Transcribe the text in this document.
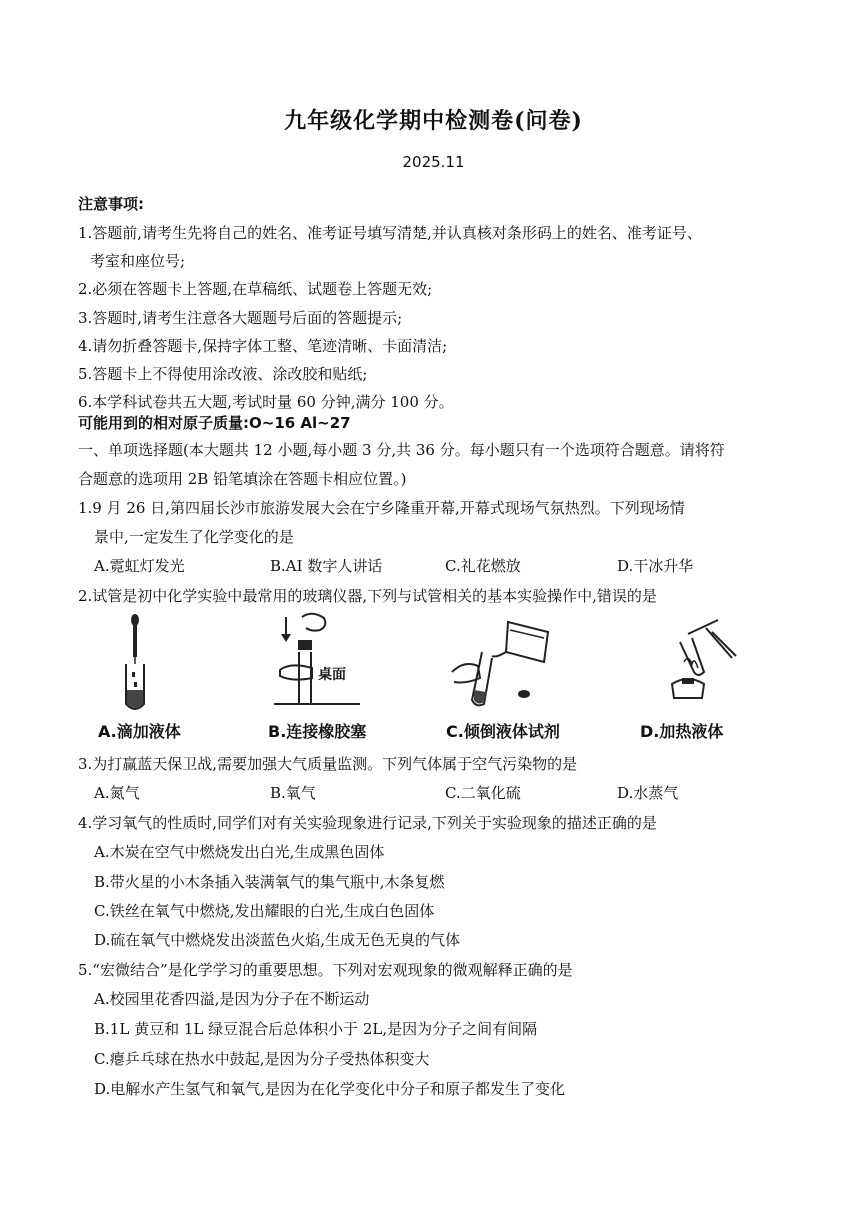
九年级化学期中检测卷(问卷)
2025.11
注意事项:
1.答题前,请考生先将自己的姓名、准考证号填写清楚,并认真核对条形码上的姓名、准考证号、
考室和座位号;
2.必须在答题卡上答题,在草稿纸、试题卷上答题无效;
3.答题时,请考生注意各大题题号后面的答题提示;
4.请勿折叠答题卡,保持字体工整、笔迹清晰、卡面清洁;
5.答题卡上不得使用涂改液、涂改胶和贴纸;
6.本学科试卷共五大题,考试时量 60 分钟,满分 100 分。
可能用到的相对原子质量:O~16 Al~27
一、单项选择题(本大题共 12 小题,每小题 3 分,共 36 分。每小题只有一个选项符合题意。请将符
合题意的选项用 2B 铅笔填涂在答题卡相应位置。)
1.9 月 26 日,第四届长沙市旅游发展大会在宁乡隆重开幕,开幕式现场气氛热烈。下列现场情
景中,一定发生了化学变化的是
A.霓虹灯发光	B.AI 数字人讲话	C.礼花燃放	D.干冰升华
2.试管是初中化学实验中最常用的玻璃仪器,下列与试管相关的基本实验操作中,错误的是
桌面
A.滴加液体	B.连接橡胶塞	C.倾倒液体试剂	D.加热液体
3.为打赢蓝天保卫战,需要加强大气质量监测。下列气体属于空气污染物的是
A.氮气	B.氧气	C.二氧化硫	D.水蒸气
4.学习氧气的性质时,同学们对有关实验现象进行记录,下列关于实验现象的描述正确的是
A.木炭在空气中燃烧发出白光,生成黑色固体
B.带火星的小木条插入装满氧气的集气瓶中,木条复燃
C.铁丝在氧气中燃烧,发出耀眼的白光,生成白色固体
D.硫在氧气中燃烧发出淡蓝色火焰,生成无色无臭的气体
5.“宏微结合”是化学学习的重要思想。下列对宏观现象的微观解释正确的是
A.校园里花香四溢,是因为分子在不断运动
B.1L 黄豆和 1L 绿豆混合后总体积小于 2L,是因为分子之间有间隔
C.瘪乒乓球在热水中鼓起,是因为分子受热体积变大
D.电解水产生氢气和氧气,是因为在化学变化中分子和原子都发生了变化
